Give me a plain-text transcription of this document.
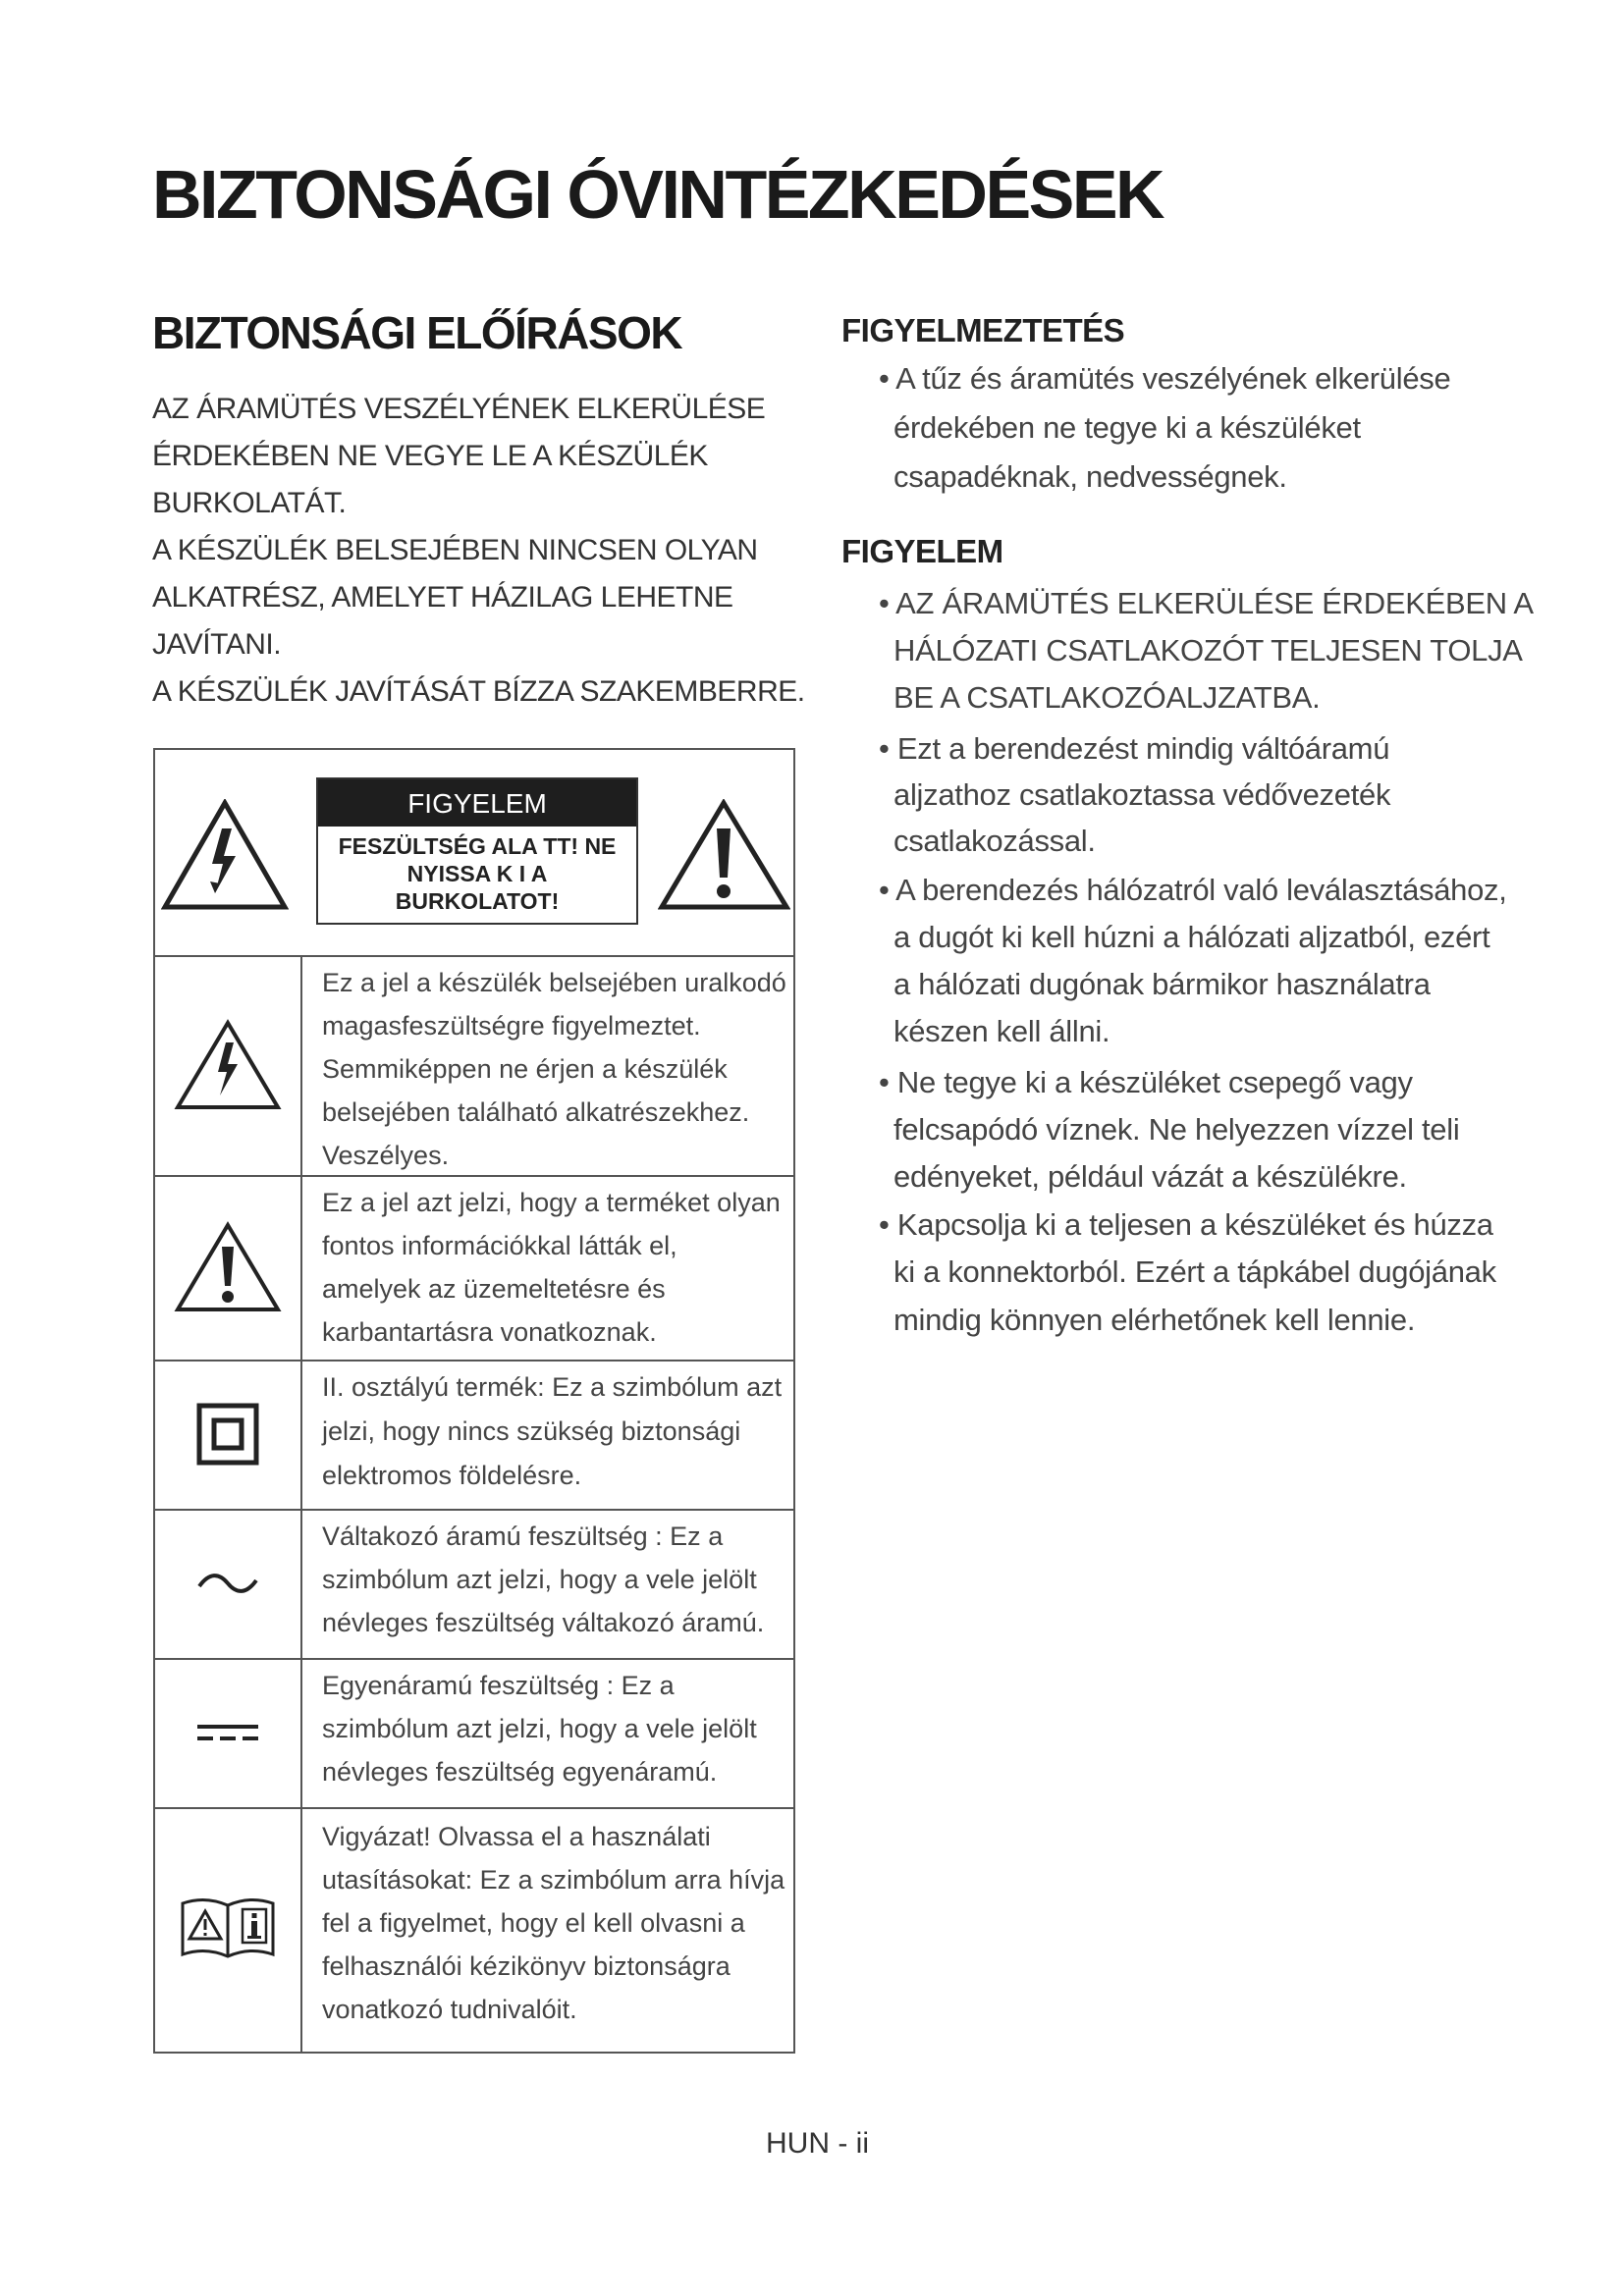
BIZTONSÁGI ÓVINTÉZKEDÉSEK
BIZTONSÁGI ELŐÍRÁSOK
AZ ÁRAMÜTÉS VESZÉLYÉNEK ELKERÜLÉSE
ÉRDEKÉBEN NE VEGYE LE A KÉSZÜLÉK
BURKOLATÁT.
A KÉSZÜLÉK BELSEJÉBEN NINCSEN OLYAN
ALKATRÉSZ, AMELYET HÁZILAG LEHETNE
JAVÍTANI.
A KÉSZÜLÉK JAVÍTÁSÁT BÍZZA SZAKEMBERRE.
FIGYELEM
FESZÜLTSÉG ALA TT! NE
NYISSA K I A
BURKOLATOT!
Ez a jel a készülék belsejében uralkodó
magasfeszültségre figyelmeztet.
Semmiképpen ne érjen a készülék
belsejében található alkatrészekhez.
Veszélyes.
Ez a jel azt jelzi, hogy a terméket olyan
fontos információkkal látták el,
amelyek az üzemeltetésre és
karbantartásra vonatkoznak.
II. osztályú termék: Ez a szimbólum azt
jelzi, hogy nincs szükség biztonsági
elektromos földelésre.
Váltakozó áramú feszültség : Ez a
szimbólum azt jelzi, hogy a vele jelölt
névleges feszültség váltakozó áramú.
Egyenáramú feszültség : Ez a
szimbólum azt jelzi, hogy a vele jelölt
névleges feszültség egyenáramú.
Vigyázat! Olvassa el a használati
utasításokat: Ez a szimbólum arra hívja
fel a figyelmet, hogy el kell olvasni a
felhasználói kézikönyv biztonságra
vonatkozó tudnivalóit.
FIGYELMEZTETÉS
• A tűz és áramütés veszélyének elkerülése
érdekében ne tegye ki a készüléket
csapadéknak, nedvességnek.
FIGYELEM
• AZ ÁRAMÜTÉS ELKERÜLÉSE ÉRDEKÉBEN A
HÁLÓZATI CSATLAKOZÓT TELJESEN TOLJA
BE A CSATLAKOZÓALJZATBA.
• Ezt a berendezést mindig váltóáramú
aljzathoz csatlakoztassa védővezeték
csatlakozással.
• A berendezés hálózatról való leválasztásához,
a dugót ki kell húzni a hálózati aljzatból, ezért
a hálózati dugónak bármikor használatra
készen kell állni.
• Ne tegye ki a készüléket csepegő vagy
felcsapódó víznek. Ne helyezzen vízzel teli
edényeket, például vázát a készülékre.
• Kapcsolja ki a teljesen a készüléket és húzza
ki a konnektorból. Ezért a tápkábel dugójának
mindig könnyen elérhetőnek kell lennie.
HUN - ii
